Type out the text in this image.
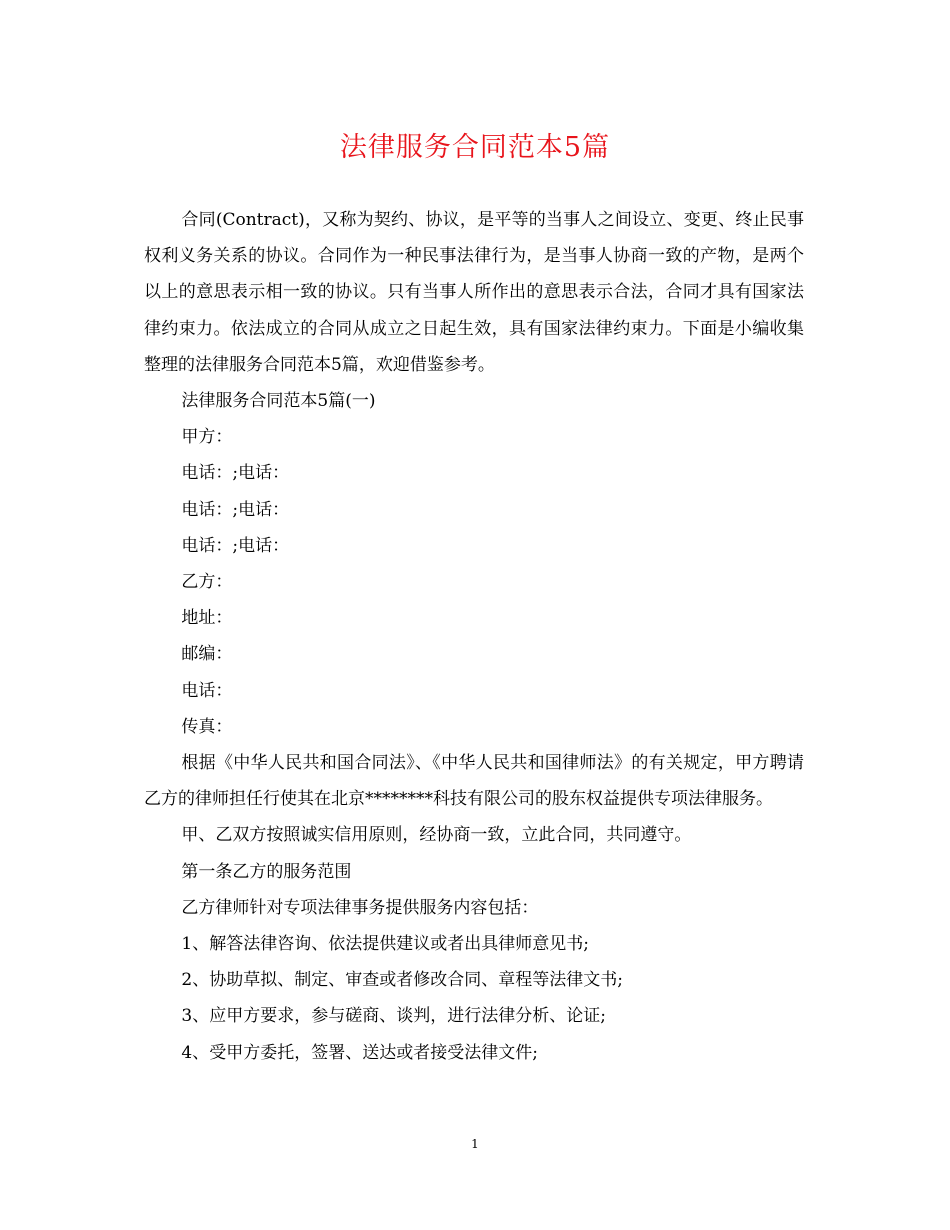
法律服务合同范本5篇

合同(Contract)，又称为契约、协议，是平等的当事人之间设立、变更、终止民事权利义务关系的协议。合同作为一种民事法律行为，是当事人协商一致的产物，是两个以上的意思表示相一致的协议。只有当事人所作出的意思表示合法，合同才具有国家法律约束力。依法成立的合同从成立之日起生效，具有国家法律约束力。下面是小编收集整理的法律服务合同范本5篇，欢迎借鉴参考。

法律服务合同范本5篇(一)

甲方：

电话：;电话：

电话：;电话：

电话：;电话：

乙方：

地址：

邮编：

电话：

传真：

根据《中华人民共和国合同法》、《中华人民共和国律师法》的有关规定，甲方聘请乙方的律师担任行使其在北京********科技有限公司的股东权益提供专项法律服务。

甲、乙双方按照诚实信用原则，经协商一致，立此合同，共同遵守。

第一条乙方的服务范围

乙方律师针对专项法律事务提供服务内容包括：

1、解答法律咨询、依法提供建议或者出具律师意见书;

2、协助草拟、制定、审查或者修改合同、章程等法律文书;

3、应甲方要求，参与磋商、谈判，进行法律分析、论证;

4、受甲方委托，签署、送达或者接受法律文件;

1
